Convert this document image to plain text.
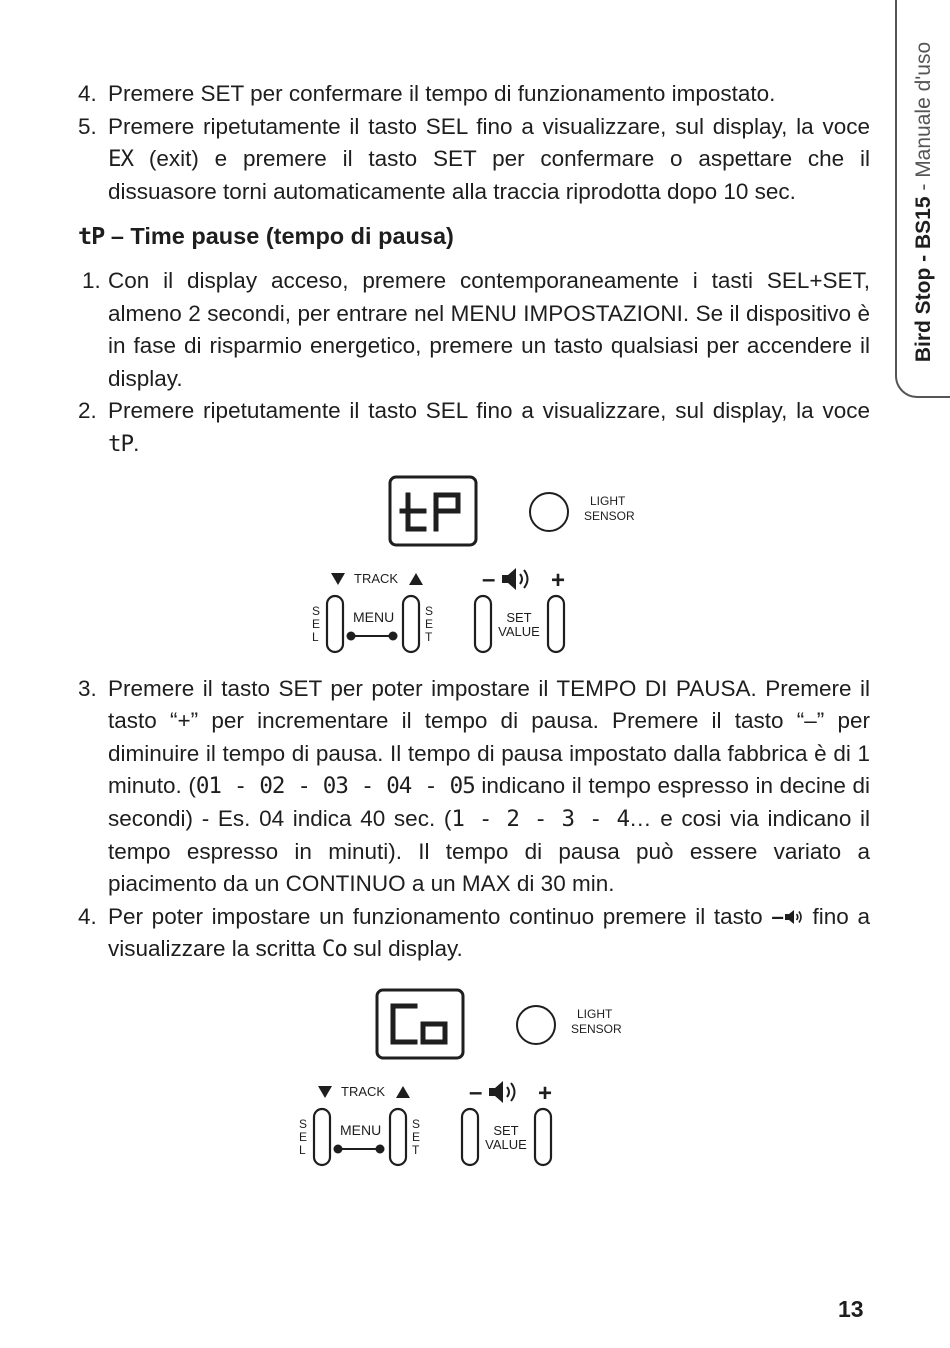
Bird Stop - BS15 - Manuale d'uso
4. Premere SET per confermare il tempo di funzionamento impostato.
5. Premere ripetutamente il tasto SEL fino a visualizzare, sul display, la voce EX (exit) e premere il tasto SET per confermare o aspettare che il dissuasore torni automaticamente alla traccia riprodotta dopo 10 sec.
tP – Time pause (tempo di pausa)
1. Con il display acceso, premere contemporaneamente i tasti SEL+SET, almeno 2 secondi, per entrare nel MENU IMPOSTAZIONI. Se il dispositivo è in fase di risparmio energetico, premere un tasto qualsiasi per accendere il display.
2. Premere ripetutamente il tasto SEL fino a visualizzare, sul display, la voce tP.
LIGHT
SENSOR
TRACK	– +
S
E
L
MENU	S
E
T
SET
VALUE
3. Premere il tasto SET per poter impostare il TEMPO DI PAUSA. Premere il tasto “+” per incrementare il tempo di pausa. Premere il tasto “–” per diminuire il tempo di pausa. Il tempo di pausa impostato dalla fabbrica è di 1 minuto. (01 - 02 - 03 - 04 - 05 indicano il tempo espresso in decine di secondi) - Es. 04 indica 40 sec. (1 - 2 - 3 - 4… e cosi via indicano il tempo espresso in minuti). Il tempo di pausa può essere variato a piacimento da un CONTINUO a un MAX di 30 min.
4. Per poter impostare un funzionamento continuo premere il tasto – fino a visualizzare la scritta Co sul display.
LIGHT
SENSOR
TRACK	– +
S
E
L
MENU	S
E
T
SET
VALUE
13
